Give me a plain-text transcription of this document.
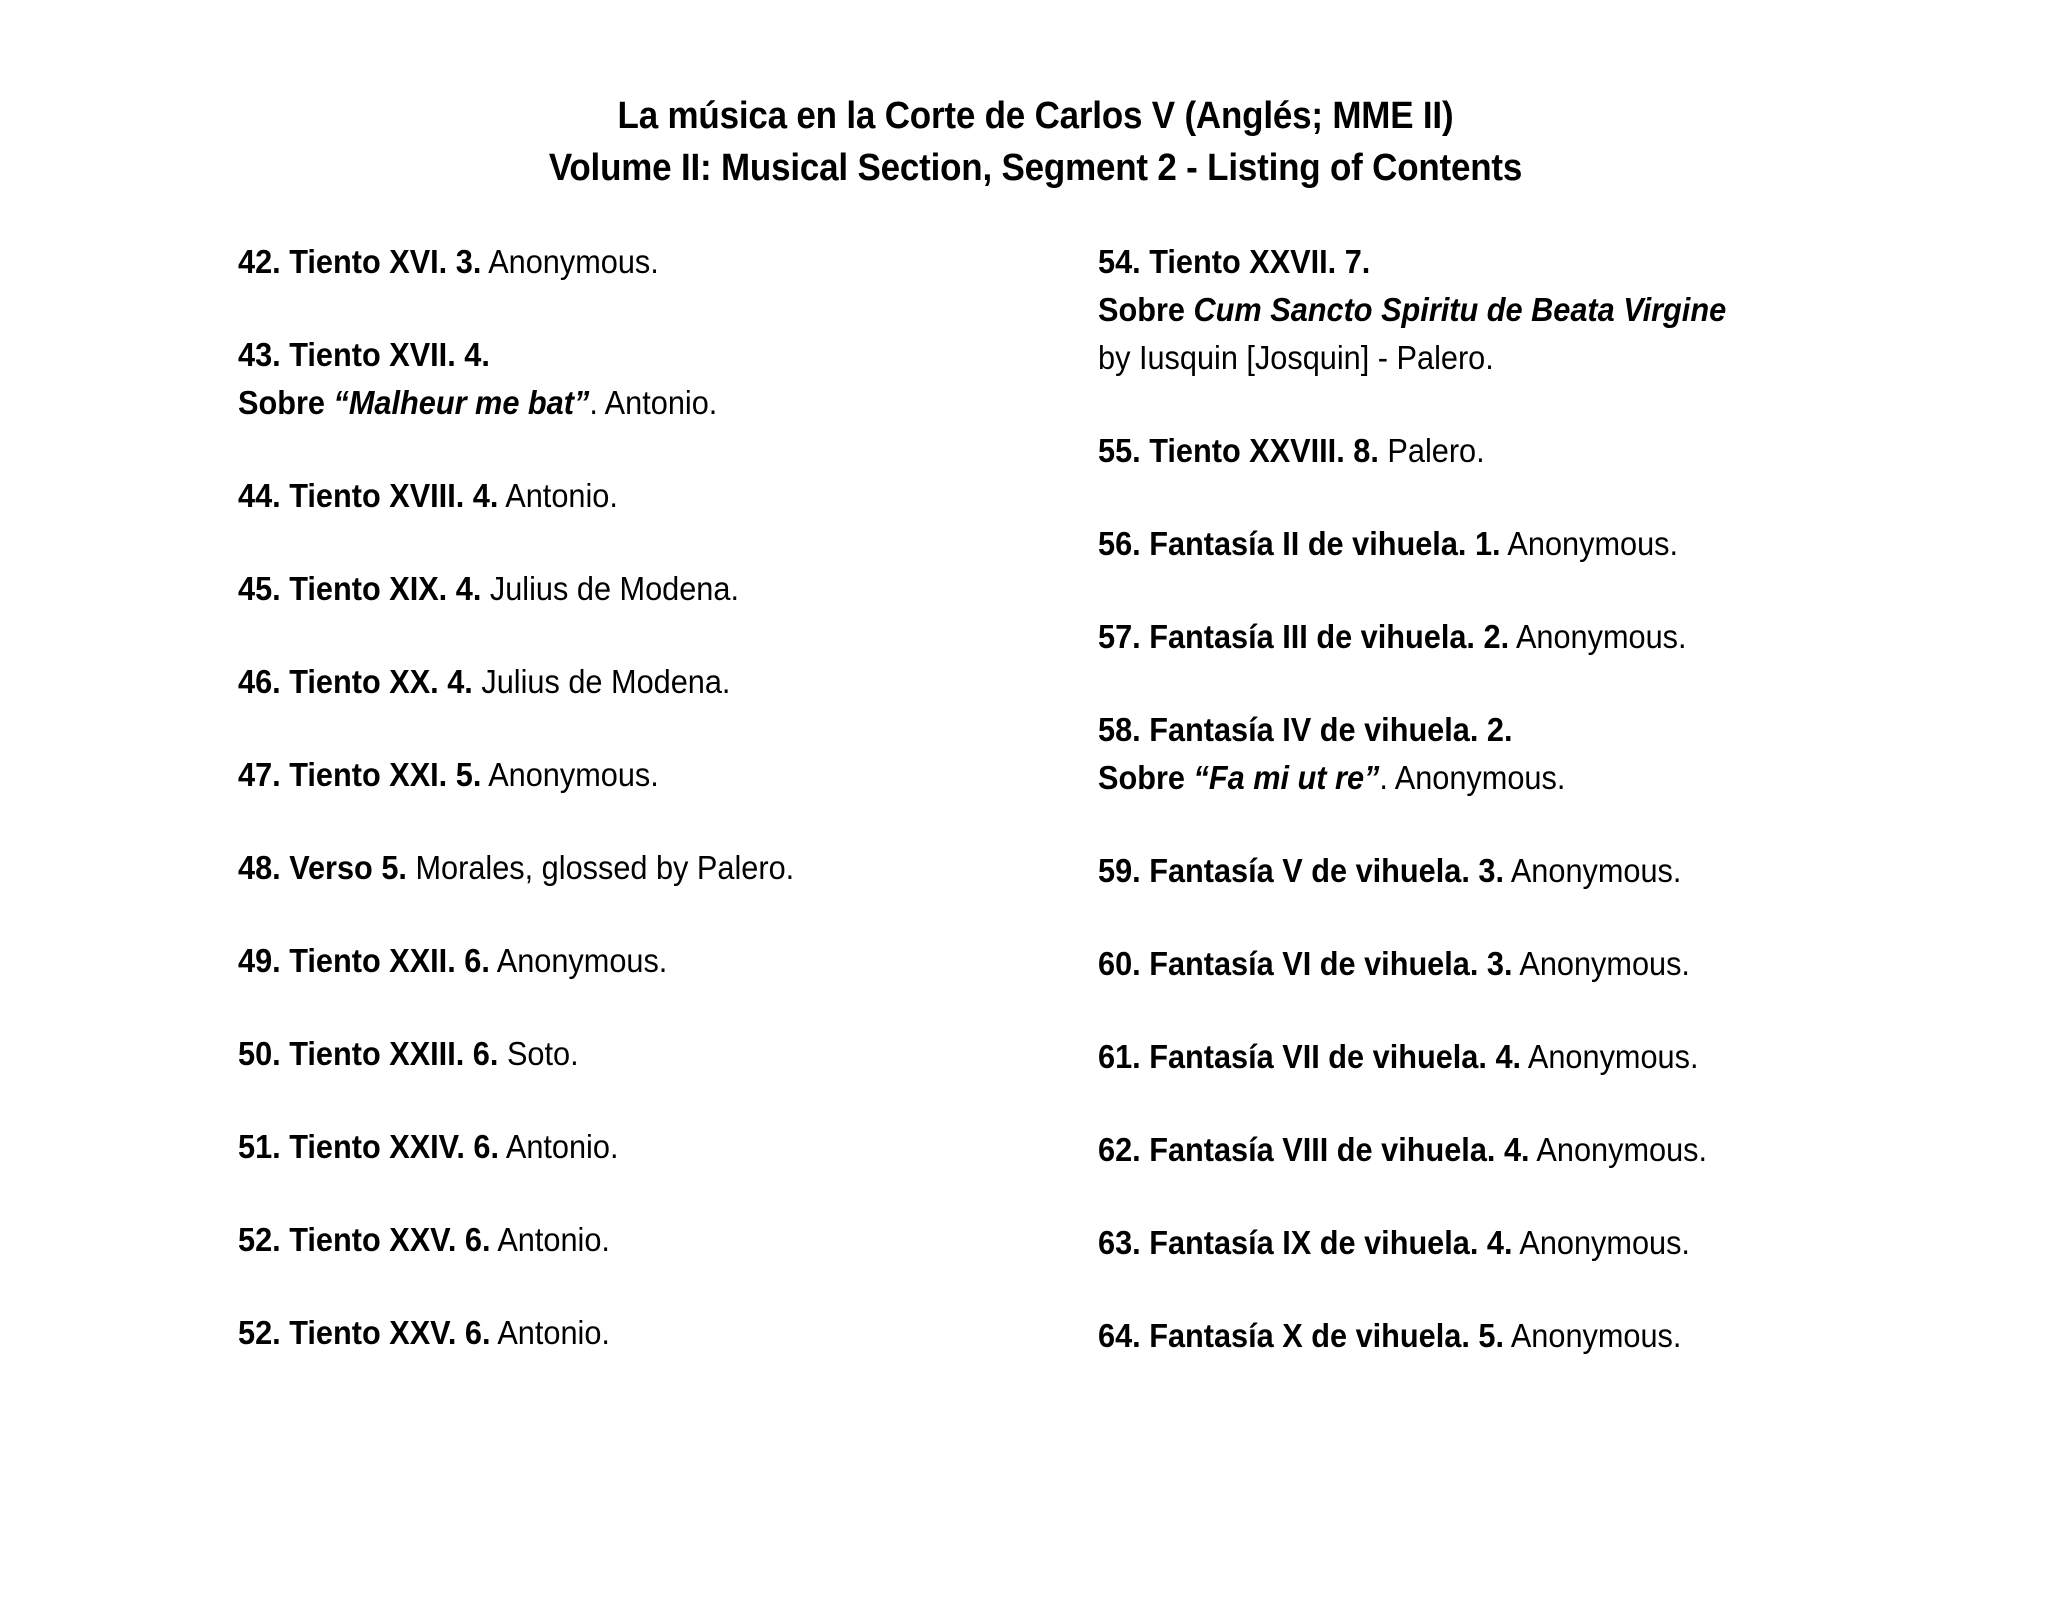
La música en la Corte de Carlos V (Anglés; MME II)
Volume II: Musical Section, Segment 2 - Listing of Contents
42. Tiento XVI. 3. Anonymous.
43. Tiento XVII. 4.
Sobre “Malheur me bat”. Antonio.
44. Tiento XVIII. 4. Antonio.
45. Tiento XIX. 4. Julius de Modena.
46. Tiento XX. 4. Julius de Modena.
47. Tiento XXI. 5. Anonymous.
48. Verso 5. Morales, glossed by Palero.
49. Tiento XXII. 6. Anonymous.
50. Tiento XXIII. 6. Soto.
51. Tiento XXIV. 6. Antonio.
52. Tiento XXV. 6. Antonio.
52. Tiento XXV. 6. Antonio.
54. Tiento XXVII. 7.
Sobre Cum Sancto Spiritu de Beata Virgine
by Iusquin [Josquin] - Palero.
55. Tiento XXVIII. 8. Palero.
56. Fantasía II de vihuela. 1. Anonymous.
57. Fantasía III de vihuela. 2. Anonymous.
58. Fantasía IV de vihuela. 2.
Sobre “Fa mi ut re”. Anonymous.
59. Fantasía V de vihuela. 3. Anonymous.
60. Fantasía VI de vihuela. 3. Anonymous.
61. Fantasía VII de vihuela. 4. Anonymous.
62. Fantasía VIII de vihuela. 4. Anonymous.
63. Fantasía IX de vihuela. 4. Anonymous.
64. Fantasía X de vihuela. 5. Anonymous.
